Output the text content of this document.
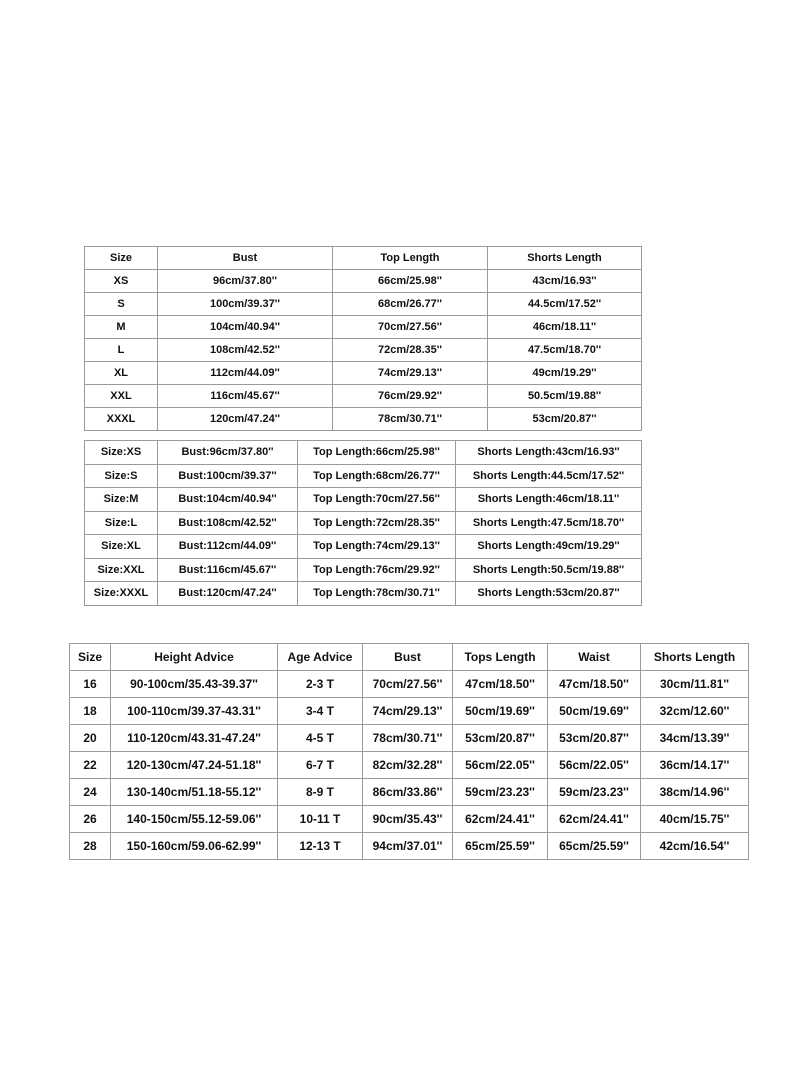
Size	Bust	Top Length	Shorts Length
XS	96cm/37.80''	66cm/25.98''	43cm/16.93''
S	100cm/39.37''	68cm/26.77''	44.5cm/17.52''
M	104cm/40.94''	70cm/27.56''	46cm/18.11''
L	108cm/42.52''	72cm/28.35''	47.5cm/18.70''
XL	112cm/44.09''	74cm/29.13''	49cm/19.29''
XXL	116cm/45.67''	76cm/29.92''	50.5cm/19.88''
XXXL	120cm/47.24''	78cm/30.71''	53cm/20.87''
Size:XS	Bust:96cm/37.80''	Top Length:66cm/25.98''	Shorts Length:43cm/16.93''
Size:S	Bust:100cm/39.37''	Top Length:68cm/26.77''	Shorts Length:44.5cm/17.52''
Size:M	Bust:104cm/40.94''	Top Length:70cm/27.56''	Shorts Length:46cm/18.11''
Size:L	Bust:108cm/42.52''	Top Length:72cm/28.35''	Shorts Length:47.5cm/18.70''
Size:XL	Bust:112cm/44.09''	Top Length:74cm/29.13''	Shorts Length:49cm/19.29''
Size:XXL	Bust:116cm/45.67''	Top Length:76cm/29.92''	Shorts Length:50.5cm/19.88''
Size:XXXL	Bust:120cm/47.24''	Top Length:78cm/30.71''	Shorts Length:53cm/20.87''
Size	Height Advice	Age Advice	Bust	Tops Length	Waist	Shorts Length
16	90-100cm/35.43-39.37''	2-3 T	70cm/27.56''	47cm/18.50''	47cm/18.50''	30cm/11.81''
18	100-110cm/39.37-43.31''	3-4 T	74cm/29.13''	50cm/19.69''	50cm/19.69''	32cm/12.60''
20	110-120cm/43.31-47.24''	4-5 T	78cm/30.71''	53cm/20.87''	53cm/20.87''	34cm/13.39''
22	120-130cm/47.24-51.18''	6-7 T	82cm/32.28''	56cm/22.05''	56cm/22.05''	36cm/14.17''
24	130-140cm/51.18-55.12''	8-9 T	86cm/33.86''	59cm/23.23''	59cm/23.23''	38cm/14.96''
26	140-150cm/55.12-59.06''	10-11 T	90cm/35.43''	62cm/24.41''	62cm/24.41''	40cm/15.75''
28	150-160cm/59.06-62.99''	12-13 T	94cm/37.01''	65cm/25.59''	65cm/25.59''	42cm/16.54''
